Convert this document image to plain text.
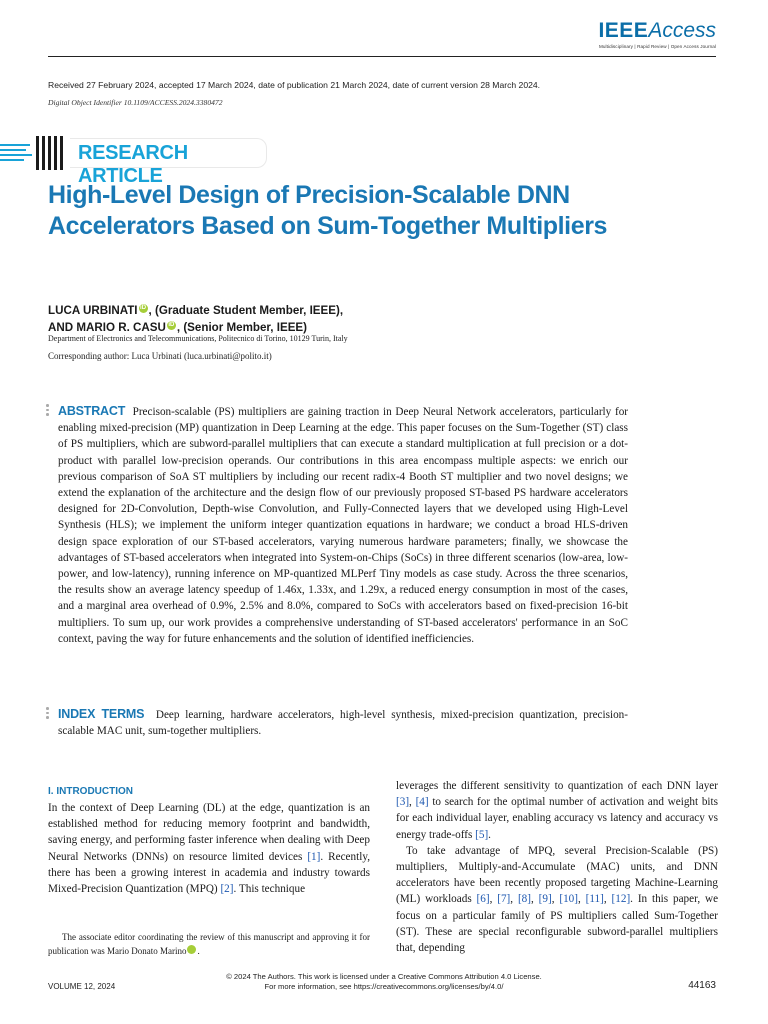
IEEEAccess
Multidisciplinary | Rapid Review | Open Access Journal
Received 27 February 2024, accepted 17 March 2024, date of publication 21 March 2024, date of current version 28 March 2024.
Digital Object Identifier 10.1109/ACCESS.2024.3380472
RESEARCH ARTICLE
High-Level Design of Precision-Scalable DNN Accelerators Based on Sum-Together Multipliers
LUCA URBINATI iD , (Graduate Student Member, IEEE),
AND MARIO R. CASU iD , (Senior Member, IEEE)
Department of Electronics and Telecommunications, Politecnico di Torino, 10129 Turin, Italy
Corresponding author: Luca Urbinati (luca.urbinati@polito.it)
ABSTRACT Precison-scalable (PS) multipliers are gaining traction in Deep Neural Network accelerators, particularly for enabling mixed-precision (MP) quantization in Deep Learning at the edge. This paper focuses on the Sum-Together (ST) class of PS multipliers, which are subword-parallel multipliers that can execute a standard multiplication at full precision or a dot-product with parallel low-precision operands. Our contributions in this area encompass multiple aspects: we enrich our previous comparison of SoA ST multipliers by including our recent radix-4 Booth ST multiplier and two novel designs; we extend the explanation of the architecture and the design flow of our previously proposed ST-based PS hardware accelerators designed for 2D-Convolution, Depth-wise Convolution, and Fully-Connected layers that we developed using High-Level Synthesis (HLS); we implement the uniform integer quantization equations in hardware; we conduct a broad HLS-driven design space exploration of our ST-based accelerators, varying numerous hardware parameters; finally, we showcase the advantages of ST-based accelerators when integrated into System-on-Chips (SoCs) in three different scenarios (low-area, low-power, and low-latency), running inference on MP-quantized MLPerf Tiny models as case study. Across the three scenarios, the results show an average latency speedup of 1.46x, 1.33x, and 1.29x, a reduced energy consumption in most of the cases, and a marginal area overhead of 0.9%, 2.5% and 8.0%, compared to SoCs with accelerators based on fixed-precision 16-bit multipliers. To sum up, our work provides a comprehensive understanding of ST-based accelerators' performance in an SoC context, paving the way for future enhancements and the solution of identified inefficiencies.
INDEX TERMS Deep learning, hardware accelerators, high-level synthesis, mixed-precision quantization, precision-scalable MAC unit, sum-together multipliers.
I. INTRODUCTION
In the context of Deep Learning (DL) at the edge, quantization is an established method for reducing memory footprint and bandwidth, saving energy, and performing faster inference when dealing with Deep Neural Networks (DNNs) on resource limited devices [1]. Recently, there has been a growing interest in academia and industry towards Mixed-Precision Quantization (MPQ) [2]. This technique

leverages the different sensitivity to quantization of each DNN layer [3], [4] to search for the optimal number of activation and weight bits for each individual layer, enabling accuracy vs latency and accuracy vs energy trade-offs [5].

To take advantage of MPQ, several Precision-Scalable (PS) multipliers, Multiply-and-Accumulate (MAC) units, and DNN accelerators have been recently proposed targeting Machine-Learning (ML) workloads [6], [7], [8], [9], [10], [11], [12]. In this paper, we focus on a particular family of PS multipliers called Sum-Together (ST). These are special reconfigurable subword-parallel multipliers that, depending

The associate editor coordinating the review of this manuscript and approving it for publication was Mario Donato Marino	iD.
© 2024 The Authors. This work is licensed under a Creative Commons Attribution 4.0 License.
For more information, see https://creativecommons.org/licenses/by/4.0/
VOLUME 12, 2024	44163
